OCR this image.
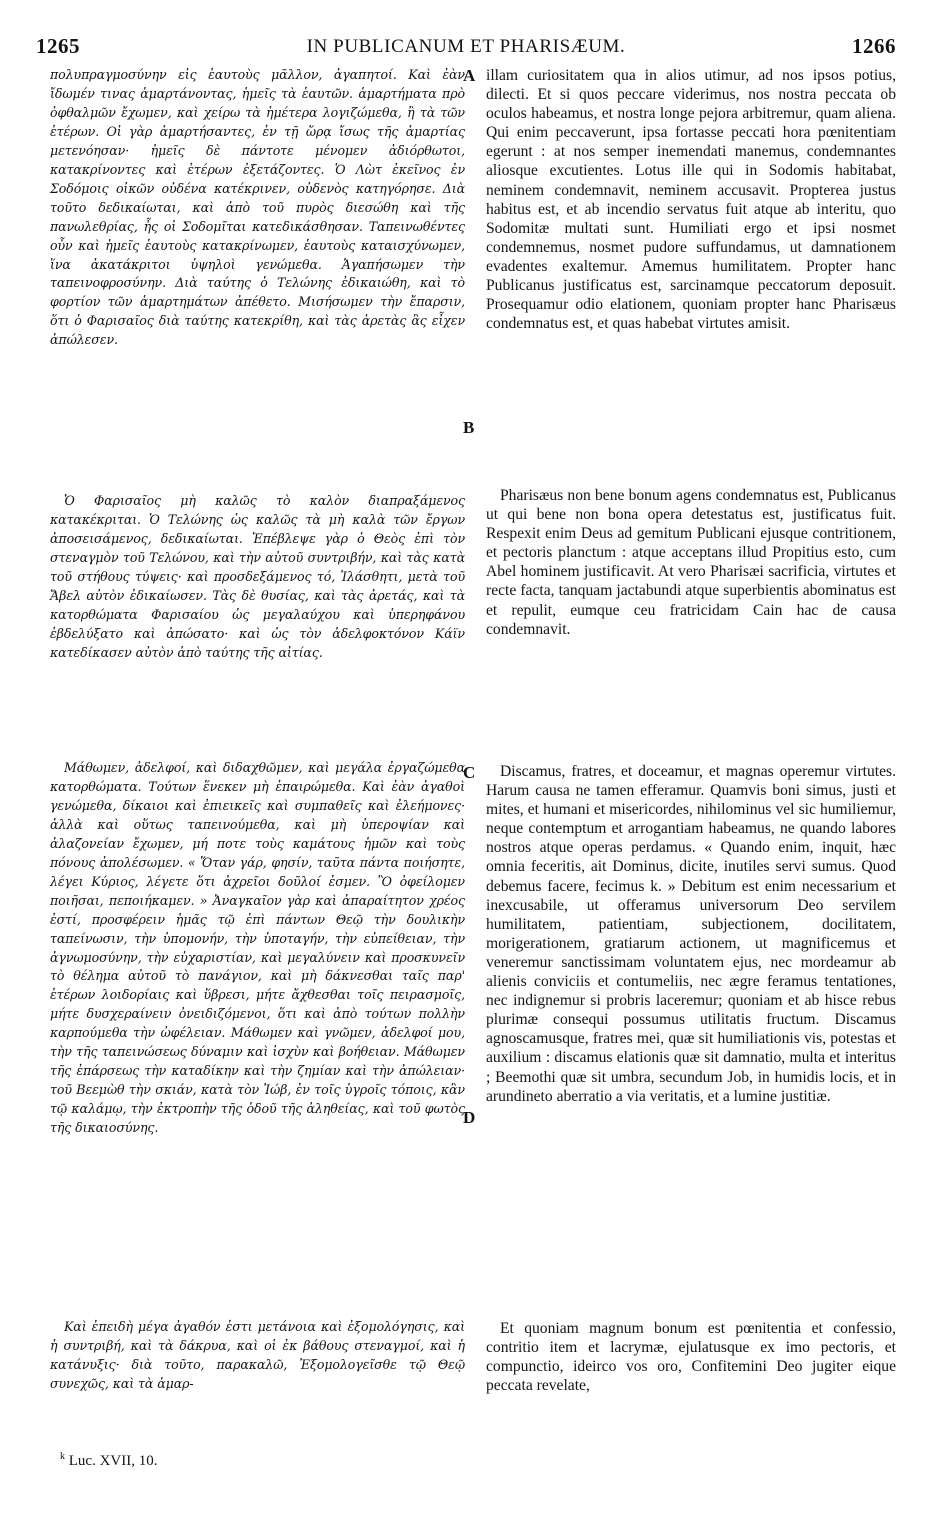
1265	IN PUBLICANUM ET PHARISÆUM.	1266

πολυπραγμοσύνην εἰς ἑαυτοὺς μᾶλλον, ἀγαπητοί. Καὶ ἐὰν ἴδωμέν τινας ἁμαρτάνοντας, ἡμεῖς τὰ ἑαυτῶν. ἁμαρτήματα πρὸ ὀφθαλμῶν ἔχωμεν, καὶ χείρω τὰ ἡμέτερα λογιζώμεθα, ἢ τὰ τῶν ἑτέρων. Οἱ γὰρ ἁμαρτήσαντες, ἐν τῇ ὥρᾳ ἴσως τῆς ἁμαρτίας μετενόησαν· ἡμεῖς δὲ πάντοτε μένομεν ἀδιόρθωτοι, κατακρίνοντες καὶ ἑτέρων ἐξετάζοντες. Ὁ Λὼτ ἐκεῖνος ἐν Σοδόμοις οἰκῶν οὐδένα κατέκρινεν, οὐδενὸς κατηγόρησε. Διὰ τοῦτο δεδικαίωται, καὶ ἀπὸ τοῦ πυρὸς διεσώθη καὶ τῆς πανωλεθρίας, ἧς οἱ Σοδομῖται κατεδικάσθησαν. Ταπεινωθέντες οὖν καὶ ἡμεῖς ἑαυτοὺς κατακρίνωμεν, ἑαυτοὺς καταισχύνωμεν, ἵνα ἀκατάκριτοι ὑψηλοὶ γενώμεθα. Ἀγαπήσωμεν τὴν ταπεινοφροσύνην. Διὰ ταύτης ὁ Τελώνης ἐδικαιώθη, καὶ τὸ φορτίον τῶν ἁμαρτημάτων ἀπέθετο. Μισήσωμεν τὴν ἔπαρσιν, ὅτι ὁ Φαρισαῖος διὰ ταύτης κατεκρίθη, καὶ τὰς ἀρετὰς ἃς εἶχεν ἀπώλεσεν.

Ὁ Φαρισαῖος μὴ καλῶς τὸ καλὸν διαπραξάμενος κατακέκριται. Ὁ Τελώνης ὡς καλῶς τὰ μὴ καλὰ τῶν ἔργων ἀποσεισάμενος, δεδικαίωται. Ἐπέβλεψε γὰρ ὁ Θεὸς ἐπὶ τὸν στεναγμὸν τοῦ Τελώνου, καὶ τὴν αὐτοῦ συντριβήν, καὶ τὰς κατὰ τοῦ στήθους τύψεις· καὶ προσδεξάμενος τό, Ἱλάσθητι, μετὰ τοῦ Ἄβελ αὐτὸν ἐδικαίωσεν. Τὰς δὲ θυσίας, καὶ τὰς ἀρετάς, καὶ τὰ κατορθώματα Φαρισαίου ὡς μεγαλαύχου καὶ ὑπερηφάνου ἐβδελύξατο καὶ ἀπώσατο· καὶ ὡς τὸν ἀδελφοκτόνον Κάϊν κατεδίκασεν αὐτὸν ἀπὸ ταύτης τῆς αἰτίας.

Μάθωμεν, ἀδελφοί, καὶ διδαχθῶμεν, καὶ μεγάλα ἐργαζώμεθα κατορθώματα. Τούτων ἕνεκεν μὴ ἐπαιρώμεθα. Καὶ ἐὰν ἀγαθοὶ γενώμεθα, δίκαιοι καὶ ἐπιεικεῖς καὶ συμπαθεῖς καὶ ἐλεήμονες· ἀλλὰ καὶ οὕτως ταπεινούμεθα, καὶ μὴ ὑπεροψίαν καὶ ἀλαζονείαν ἔχωμεν, μή ποτε τοὺς καμάτους ἡμῶν καὶ τοὺς πόνους ἀπολέσωμεν. « Ὅταν γάρ, φησίν, ταῦτα πάντα ποιήσητε, λέγει Κύριος, λέγετε ὅτι ἀχρεῖοι δοῦλοί ἐσμεν. Ὃ ὀφείλομεν ποιῆσαι, πεποιήκαμεν. » Ἀναγκαῖον γὰρ καὶ ἀπαραίτητον χρέος ἐστί, προσφέρειν ἡμᾶς τῷ ἐπὶ πάντων Θεῷ τὴν δουλικὴν ταπείνωσιν, τὴν ὑπομονήν, τὴν ὑποταγήν, τὴν εὐπείθειαν, τὴν ἀγνωμοσύνην, τὴν εὐχαριστίαν, καὶ μεγαλύνειν καὶ προσκυνεῖν τὸ θέλημα αὐτοῦ τὸ πανάγιον, καὶ μὴ δάκνεσθαι ταῖς παρ' ἑτέρων λοιδορίαις καὶ ὕβρεσι, μήτε ἄχθεσθαι τοῖς πειρασμοῖς, μήτε δυσχεραίνειν ὀνειδιζόμενοι, ὅτι καὶ ἀπὸ τούτων πολλὴν καρπούμεθα τὴν ὠφέλειαν. Μάθωμεν καὶ γνῶμεν, ἀδελφοί μου, τὴν τῆς ταπεινώσεως δύναμιν καὶ ἰσχὺν καὶ βοήθειαν. Μάθωμεν τῆς ἐπάρσεως τὴν καταδίκην καὶ τὴν ζημίαν καὶ τὴν ἀπώλειαν· τοῦ Βεεμὼθ τὴν σκιάν, κατὰ τὸν Ἰώβ, ἐν τοῖς ὑγροῖς τόποις, κἂν τῷ καλάμῳ, τὴν ἐκτροπὴν τῆς ὁδοῦ τῆς ἀληθείας, καὶ τοῦ φωτὸς τῆς δικαιοσύνης.

Καὶ ἐπειδὴ μέγα ἀγαθόν ἐστι μετάνοια καὶ ἐξομολόγησις, καὶ ἡ συντριβή, καὶ τὰ δάκρυα, καὶ οἱ ἐκ βάθους στεναγμοί, καὶ ἡ κατάνυξις· διὰ τοῦτο, παρακαλῶ, Ἐξομολογεῖσθε τῷ Θεῷ συνεχῶς, καὶ τὰ ἁμαρ-

A
B
C
D

illam curiositatem qua in alios utimur, ad nos ipsos potius, dilecti. Et si quos peccare viderimus, nos nostra peccata ob oculos habeamus, et nostra longe pejora arbitremur, quam aliena. Qui enim peccaverunt, ipsa fortasse peccati hora pœnitentiam egerunt : at nos semper inemendati manemus, condemnantes aliosque excutientes. Lotus ille qui in Sodomis habitabat, neminem condemnavit, neminem accusavit. Propterea justus habitus est, et ab incendio servatus fuit atque ab interitu, quo Sodomitæ multati sunt. Humiliati ergo et ipsi nosmet condemnemus, nosmet pudore suffundamus, ut damnationem evadentes exaltemur. Amemus humilitatem. Propter hanc Publicanus justificatus est, sarcinamque peccatorum deposuit. Prosequamur odio elationem, quoniam propter hanc Pharisæus condemnatus est, et quas habebat virtutes amisit.

Pharisæus non bene bonum agens condemnatus est, Publicanus ut qui bene non bona opera detestatus est, justificatus fuit. Respexit enim Deus ad gemitum Publicani ejusque contritionem, et pectoris planctum : atque acceptans illud Propitius esto, cum Abel hominem justificavit. At vero Pharisæi sacrificia, virtutes et recte facta, tanquam jactabundi atque superbientis abominatus est et repulit, eumque ceu fratricidam Cain hac de causa condemnavit.

Discamus, fratres, et doceamur, et magnas operemur virtutes. Harum causa ne tamen efferamur. Quamvis boni simus, justi et mites, et humani et misericordes, nihilominus vel sic humiliemur, neque contemptum et arrogantiam habeamus, ne quando labores nostros atque operas perdamus. « Quando enim, inquit, hæc omnia feceritis, ait Dominus, dicite, inutiles servi sumus. Quod debemus facere, fecimus k. » Debitum est enim necessarium et inexcusabile, ut offeramus universorum Deo servilem humilitatem, patientiam, subjectionem, docilitatem, morigerationem, gratiarum actionem, ut magnificemus et veneremur sanctissimam voluntatem ejus, nec mordeamur ab alienis conviciis et contumeliis, nec ægre feramus tentationes, nec indignemur si probris laceremur; quoniam et ab hisce rebus plurimæ consequi possumus utilitatis fructum. Discamus agnoscamusque, fratres mei, quæ sit humiliationis vis, potestas et auxilium : discamus elationis quæ sit damnatio, multa et interitus ; Beemothi quæ sit umbra, secundum Job, in humidis locis, et in arundineto aberratio a via veritatis, et a lumine justitiæ.

Et quoniam magnum bonum est pœnitentia et confessio, contritio item et lacrymæ, ejulatusque ex imo pectoris, et compunctio, ideirco vos oro, Confitemini Deo jugiter eique peccata revelate,

$^k$ Luc. XVII, 10.
